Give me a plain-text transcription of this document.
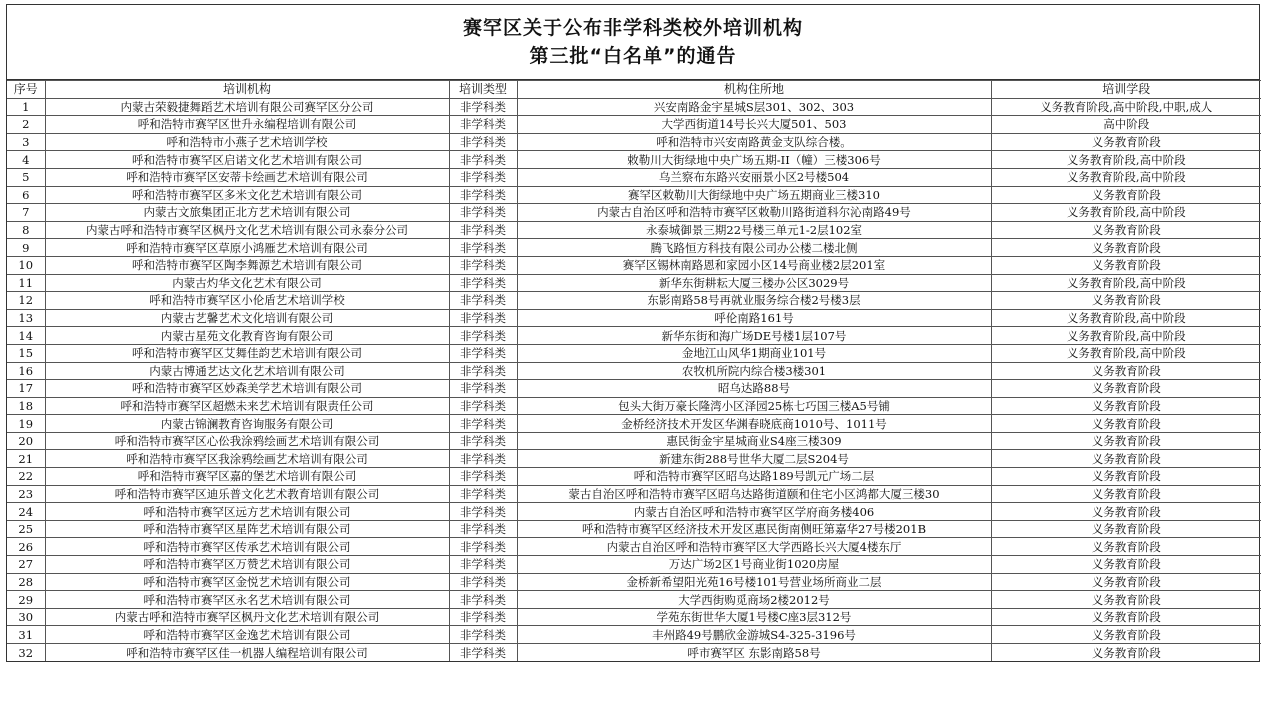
赛罕区关于公布非学科类校外培训机构
第三批“白名单”的通告
序号	培训机构	培训类型	机构住所地	培训学段
1	内蒙古荣毅捷舞蹈艺术培训有限公司赛罕区分公司	非学科类	兴安南路金宇星城S层301、302、303	义务教育阶段,高中阶段,中职,成人
2	呼和浩特市赛罕区世升永编程培训有限公司	非学科类	大学西街道14号长兴大厦501、503	高中阶段
3	呼和浩特市小燕子艺术培训学校	非学科类	呼和浩特市兴安南路黄金支队综合楼。	义务教育阶段
4	呼和浩特市赛罕区启诺文化艺术培训有限公司	非学科类	敕勒川大街绿地中央广场五期-II（幢）三楼306号	义务教育阶段,高中阶段
5	呼和浩特市赛罕区安蒂卡绘画艺术培训有限公司	非学科类	乌兰察布东路兴安丽景小区2号楼504	义务教育阶段,高中阶段
6	呼和浩特市赛罕区多米文化艺术培训有限公司	非学科类	赛罕区敕勒川大街绿地中央广场五期商业三楼310	义务教育阶段
7	内蒙古文旅集团正北方艺术培训有限公司	非学科类	内蒙古自治区呼和浩特市赛罕区敕勒川路街道科尔沁南路49号	义务教育阶段,高中阶段
8	内蒙古呼和浩特市赛罕区枫丹文化艺术培训有限公司永泰分公司	非学科类	永泰城御景三期22号楼三单元1-2层102室	义务教育阶段
9	呼和浩特市赛罕区草原小鸿雁艺术培训有限公司	非学科类	腾飞路恒方科技有限公司办公楼二楼北侧	义务教育阶段
10	呼和浩特市赛罕区陶李舞源艺术培训有限公司	非学科类	赛罕区锡林南路恩和家园小区14号商业楼2层201室	义务教育阶段
11	内蒙古灼华文化艺术有限公司	非学科类	新华东街耕耘大厦三楼办公区3029号	义务教育阶段,高中阶段
12	呼和浩特市赛罕区小伦盾艺术培训学校	非学科类	东影南路58号再就业服务综合楼2号楼3层	义务教育阶段
13	内蒙古艺馨艺术文化培训有限公司	非学科类	呼伦南路161号	义务教育阶段,高中阶段
14	内蒙古星苑文化教育咨询有限公司	非学科类	新华东街和海广场DE号楼1层107号	义务教育阶段,高中阶段
15	呼和浩特市赛罕区艾舞佳韵艺术培训有限公司	非学科类	金地江山风华1期商业101号	义务教育阶段,高中阶段
16	内蒙古博通艺达文化艺术培训有限公司	非学科类	农牧机所院内综合楼3楼301	义务教育阶段
17	呼和浩特市赛罕区妙森美学艺术培训有限公司	非学科类	昭乌达路88号	义务教育阶段
18	呼和浩特市赛罕区超燃未来艺术培训有限责任公司	非学科类	包头大街万豪长隆湾小区泽园25栋七巧国三楼A5号铺	义务教育阶段
19	内蒙古锦澜教育咨询服务有限公司	非学科类	金桥经济技术开发区华渊春晓底商1010号、1011号	义务教育阶段
20	呼和浩特市赛罕区心伀我涂鸦绘画艺术培训有限公司	非学科类	惠民街金宇星城商业S4座三楼309	义务教育阶段
21	呼和浩特市赛罕区我涂鸦绘画艺术培训有限公司	非学科类	新建东街288号世华大厦二层S204号	义务教育阶段
22	呼和浩特市赛罕区嘉的堡艺术培训有限公司	非学科类	呼和浩特市赛罕区昭乌达路189号凯元广场二层	义务教育阶段
23	呼和浩特市赛罕区迪乐普文化艺术教育培训有限公司	非学科类	蒙古自治区呼和浩特市赛罕区昭乌达路街道颐和住宅小区鸿都大厦三楼30	义务教育阶段
24	呼和浩特市赛罕区远方艺术培训有限公司	非学科类	内蒙古自治区呼和浩特市赛罕区学府商务楼406	义务教育阶段
25	呼和浩特市赛罕区星阵艺术培训有限公司	非学科类	呼和浩特市赛罕区经济技术开发区惠民街南侧旺第嘉华27号楼201B	义务教育阶段
26	呼和浩特市赛罕区传承艺术培训有限公司	非学科类	内蒙古自治区呼和浩特市赛罕区大学西路长兴大厦4楼东厅	义务教育阶段
27	呼和浩特市赛罕区万赞艺术培训有限公司	非学科类	万达广场2区1号商业街1020房屋	义务教育阶段
28	呼和浩特市赛罕区金悦艺术培训有限公司	非学科类	金桥新希望阳光苑16号楼101号营业场所商业二层	义务教育阶段
29	呼和浩特市赛罕区永名艺术培训有限公司	非学科类	大学西街购觅商场2楼2012号	义务教育阶段
30	内蒙古呼和浩特市赛罕区枫丹文化艺术培训有限公司	非学科类	学苑东街世华大厦1号楼C座3层312号	义务教育阶段
31	呼和浩特市赛罕区金逸艺术培训有限公司	非学科类	丰州路49号鹏欣金游城S4-325-3196号	义务教育阶段
32	呼和浩特市赛罕区佳一机器人编程培训有限公司	非学科类	呼市赛罕区 东影南路58号	义务教育阶段
